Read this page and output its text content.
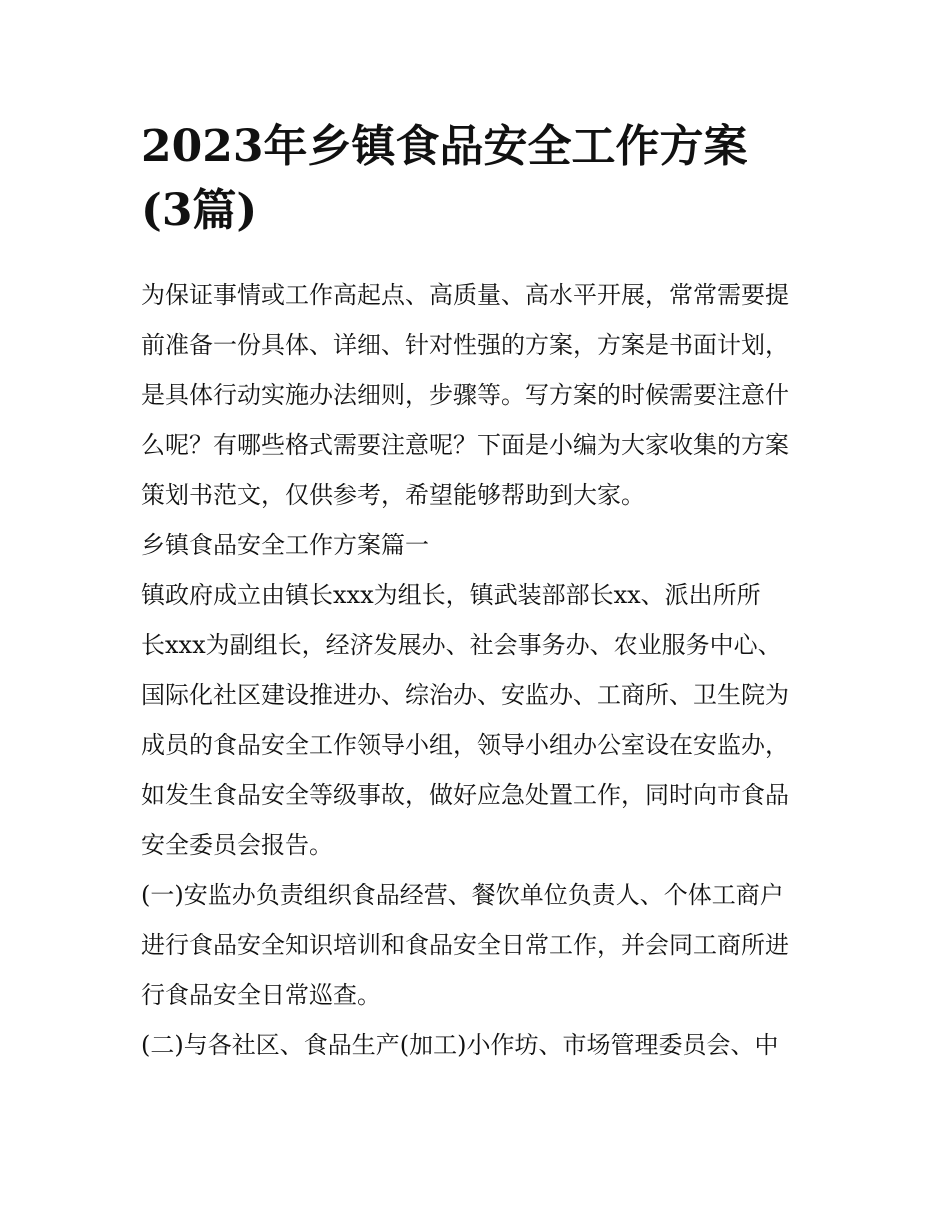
2023年乡镇食品安全工作方案
(3篇)

为保证事情或工作高起点、高质量、高水平开展，常常需要提
前准备一份具体、详细、针对性强的方案，方案是书面计划，
是具体行动实施办法细则，步骤等。写方案的时候需要注意什
么呢？有哪些格式需要注意呢？下面是小编为大家收集的方案
策划书范文，仅供参考，希望能够帮助到大家。

乡镇食品安全工作方案篇一

镇政府成立由镇长xxx为组长，镇武装部部长xx、派出所所
长xxx为副组长，经济发展办、社会事务办、农业服务中心、
国际化社区建设推进办、综治办、安监办、工商所、卫生院为
成员的食品安全工作领导小组，领导小组办公室设在安监办，
如发生食品安全等级事故，做好应急处置工作，同时向市食品
安全委员会报告。

(一)安监办负责组织食品经营、餐饮单位负责人、个体工商户
进行食品安全知识培训和食品安全日常工作，并会同工商所进
行食品安全日常巡查。

(二)与各社区、食品生产(加工)小作坊、市场管理委员会、中
